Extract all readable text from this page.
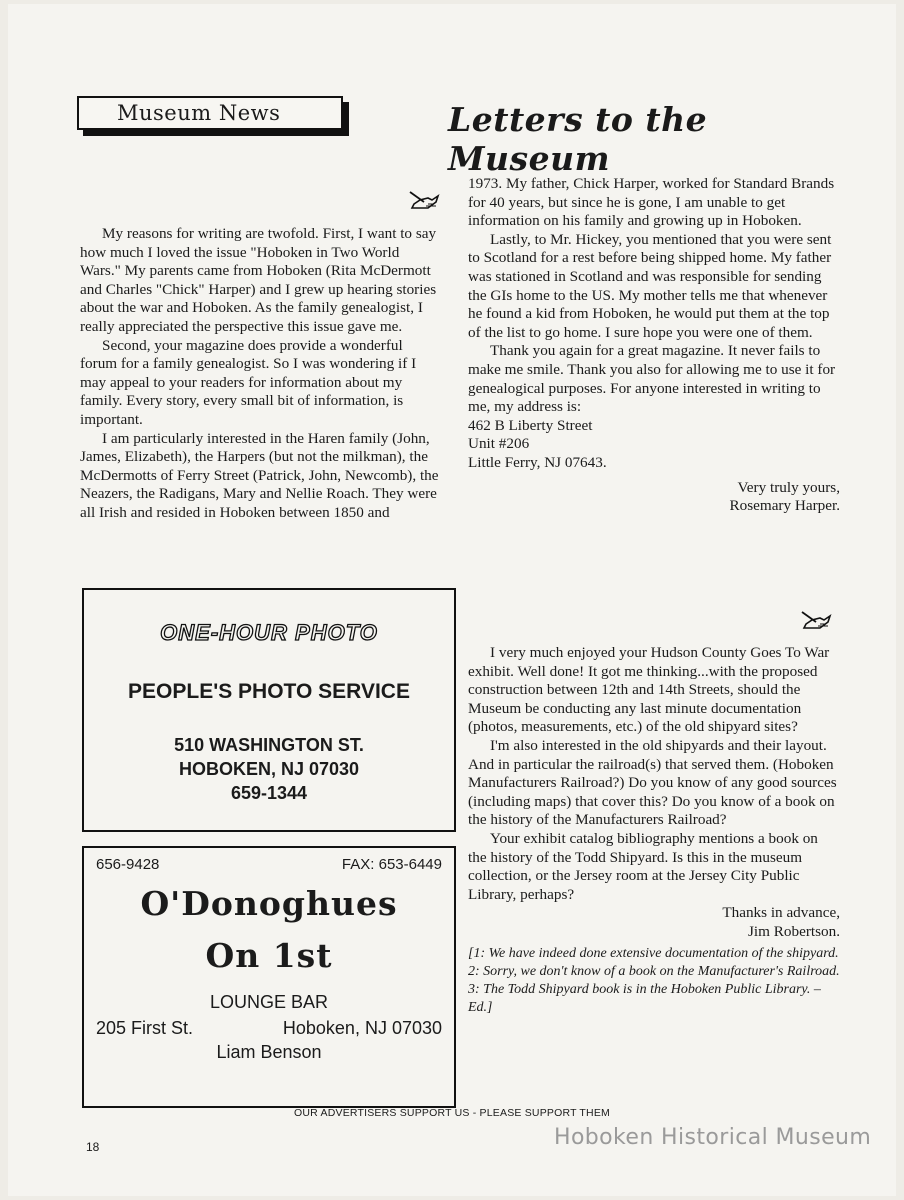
Museum News	Letters to the Museum

My reasons for writing are twofold. First, I want to say how much I loved the issue "Hoboken in Two World Wars." My parents came from Hoboken (Rita McDermott and Charles "Chick" Harper) and I grew up hearing stories about the war and Hoboken. As the family genealogist, I really appreciated the perspective this issue gave me.

Second, your magazine does provide a wonderful forum for a family genealogist. So I was wondering if I may appeal to your readers for information about my family. Every story, every small bit of information, is important.

I am particularly interested in the Haren family (John, James, Elizabeth), the Harpers (but not the milkman), the McDermotts of Ferry Street (Patrick, John, Newcomb), the Neazers, the Radigans, Mary and Nellie Roach. They were all Irish and resided in Hoboken between 1850 and

1973. My father, Chick Harper, worked for Standard Brands for 40 years, but since he is gone, I am unable to get information on his family and growing up in Hoboken.

Lastly, to Mr. Hickey, you mentioned that you were sent to Scotland for a rest before being shipped home. My father was stationed in Scotland and was responsible for sending the GIs home to the US. My mother tells me that whenever he found a kid from Hoboken, he would put them at the top of the list to go home. I sure hope you were one of them.

Thank you again for a great magazine. It never fails to make me smile. Thank you also for allowing me to use it for genealogical purposes. For anyone interested in writing to me, my address is:

462 B Liberty Street

Unit #206

Little Ferry, NJ 07643.

Very truly yours,

Rosemary Harper.

I very much enjoyed your Hudson County Goes To War exhibit. Well done! It got me thinking...with the proposed construction between 12th and 14th Streets, should the Museum be conducting any last minute documentation (photos, measurements, etc.) of the old shipyard sites?

I'm also interested in the old shipyards and their layout. And in particular the railroad(s) that served them. (Hoboken Manufacturers Railroad?) Do you know of any good sources (including maps) that cover this? Do you know of a book on the history of the Manufacturers Railroad?

Your exhibit catalog bibliography mentions a book on the history of the Todd Shipyard. Is this in the museum collection, or the Jersey room at the Jersey City Public Library, perhaps?

Thanks in advance,

Jim Robertson.

[1: We have indeed done extensive documentation of the shipyard. 2: Sorry, we don't know of a book on the Manufacturer's Railroad. 3: The Todd Shipyard book is in the Hoboken Public Library. – Ed.]

ONE-HOUR PHOTO
PEOPLE'S PHOTO SERVICE
510 WASHINGTON ST.
HOBOKEN, NJ 07030
659-1344
656-9428	FAX: 653-6449
O'Donoghues
On 1st
LOUNGE BAR
205 First St.	Hoboken, NJ 07030
Liam Benson
OUR ADVERTISERS SUPPORT US - PLEASE SUPPORT THEM
18	Hoboken Historical Museum
